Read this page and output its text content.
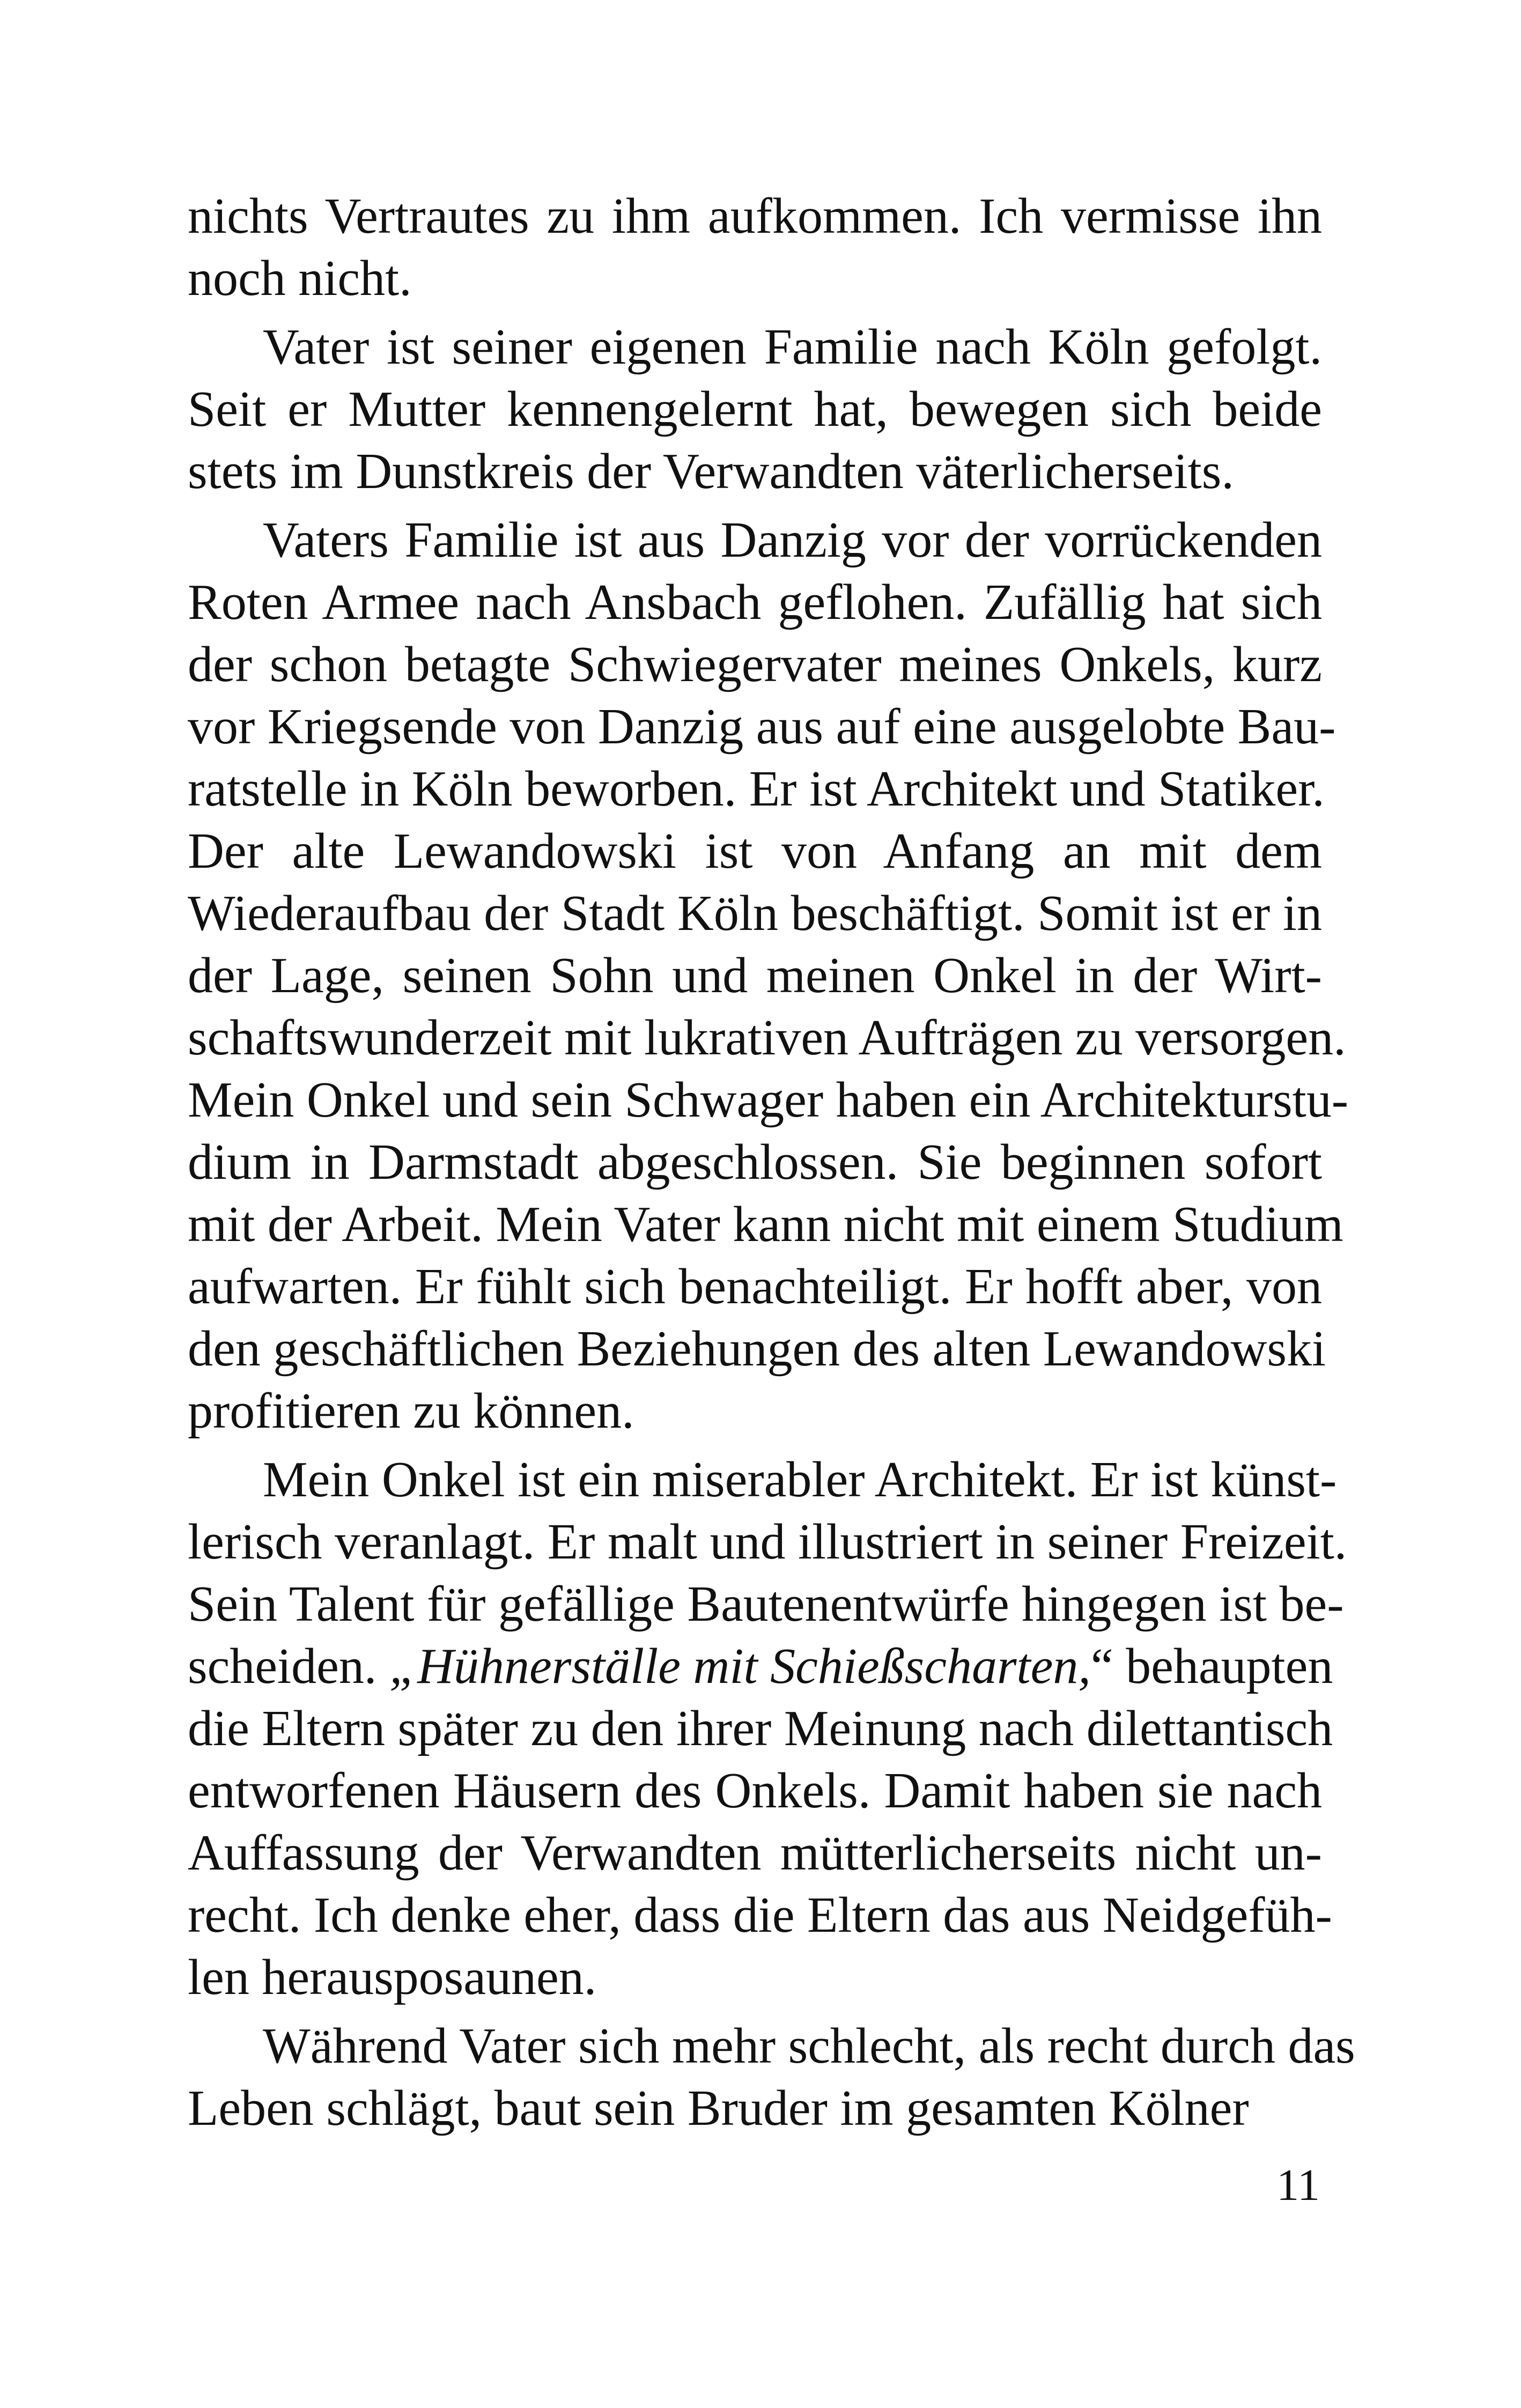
nichts Vertrautes zu ihm aufkommen. Ich vermisse ihn
noch nicht.
Vater ist seiner eigenen Familie nach Köln gefolgt.
Seit er Mutter kennengelernt hat, bewegen sich beide
stets im Dunstkreis der Verwandten väterlicherseits.
Vaters Familie ist aus Danzig vor der vorrückenden
Roten Armee nach Ansbach geflohen. Zufällig hat sich
der schon betagte Schwiegervater meines Onkels, kurz
vor Kriegsende von Danzig aus auf eine ausgelobte Bau-
ratstelle in Köln beworben. Er ist Architekt und Statiker.
Der alte Lewandowski ist von Anfang an mit dem
Wiederaufbau der Stadt Köln beschäftigt. Somit ist er in
der Lage, seinen Sohn und meinen Onkel in der Wirt-
schaftswunderzeit mit lukrativen Aufträgen zu versorgen.
Mein Onkel und sein Schwager haben ein Architekturstu-
dium in Darmstadt abgeschlossen. Sie beginnen sofort
mit der Arbeit. Mein Vater kann nicht mit einem Studium
aufwarten. Er fühlt sich benachteiligt. Er hofft aber, von
den geschäftlichen Beziehungen des alten Lewandowski
profitieren zu können.
Mein Onkel ist ein miserabler Architekt. Er ist künst-
lerisch veranlagt. Er malt und illustriert in seiner Freizeit.
Sein Talent für gefällige Bautenentwürfe hingegen ist be-
scheiden. „Hühnerställe mit Schießscharten,“ behaupten
die Eltern später zu den ihrer Meinung nach dilettantisch
entworfenen Häusern des Onkels. Damit haben sie nach
Auffassung der Verwandten mütterlicherseits nicht un-
recht. Ich denke eher, dass die Eltern das aus Neidgefüh-
len herausposaunen.
Während Vater sich mehr schlecht, als recht durch das
Leben schlägt, baut sein Bruder im gesamten Kölner
11
